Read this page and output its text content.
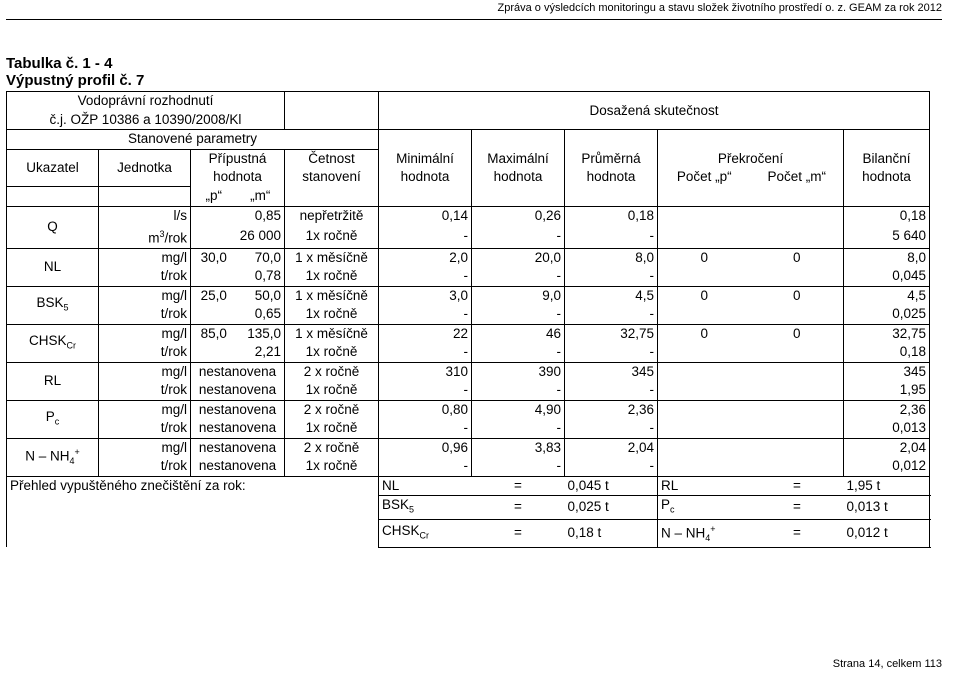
Zpráva o výsledcích monitoringu a stavu složek životního prostředí o. z. GEAM za rok 2012
Tabulka č. 1 - 4
Výpustný profil č. 7
Vodoprávní rozhodnutí					Dosažená skutečnost						
č.j. OŽP 10386 a 10390/2008/Kl											
Stanovené parametry											
Ukazatel	Jednotka	Přípustná		Četnost	Minimální	Maximální	Průměrná	Překročení		Bilanční	
		hodnota		stanovení	hodnota	hodnota	hodnota	Počet „p“	Počet „m“	hodnota	
		„p“	„m“								
Q	l/s		0,85	nepřetržitě	0,14	0,26	0,18			0,18	
	$m^3$/rok		26 000	1x ročně	-	-	-			5 640	
NL	mg/l	30,0	70,0	1 x měsíčně	2,0	20,0	8,0	0	0	8,0	
	t/rok		0,78	1x ročně	-	-	-			0,045	
$BSK_5$	mg/l	25,0	50,0	1 x měsíčně	3,0	9,0	4,5	0	0	4,5	
	t/rok		0,65	1x ročně	-	-	-			0,025	
$CHSK_{Cr}$	mg/l	85,0	135,0	1 x měsíčně	22	46	32,75	0	0	32,75	
	t/rok		2,21	1x ročně	-	-	-			0,18	
RL	mg/l	nestanovena		2 x ročně	310	390	345			345	
	t/rok	nestanovena		1x ročně	-	-	-			1,95	
$P_c$	mg/l	nestanovena		2 x ročně	0,80	4,90	2,36			2,36	
	t/rok	nestanovena		1x ročně	-	-	-			0,013	
N – $NH_4^+$	mg/l	nestanovena		2 x ročně	0,96	3,83	2,04			2,04	
	t/rok	nestanovena		1x ročně	-	-	-			0,012	
Přehled vypuštěného znečištění za rok:					NL	=	0,045 t	RL	=	1,95 t	
					$BSK_5$	=	0,025 t	$P_c$	=	0,013 t	
					$CHSK_{Cr}$	=	0,18 t	N – $NH_4^+$	=	0,012 t	
Strana 14, celkem 113
